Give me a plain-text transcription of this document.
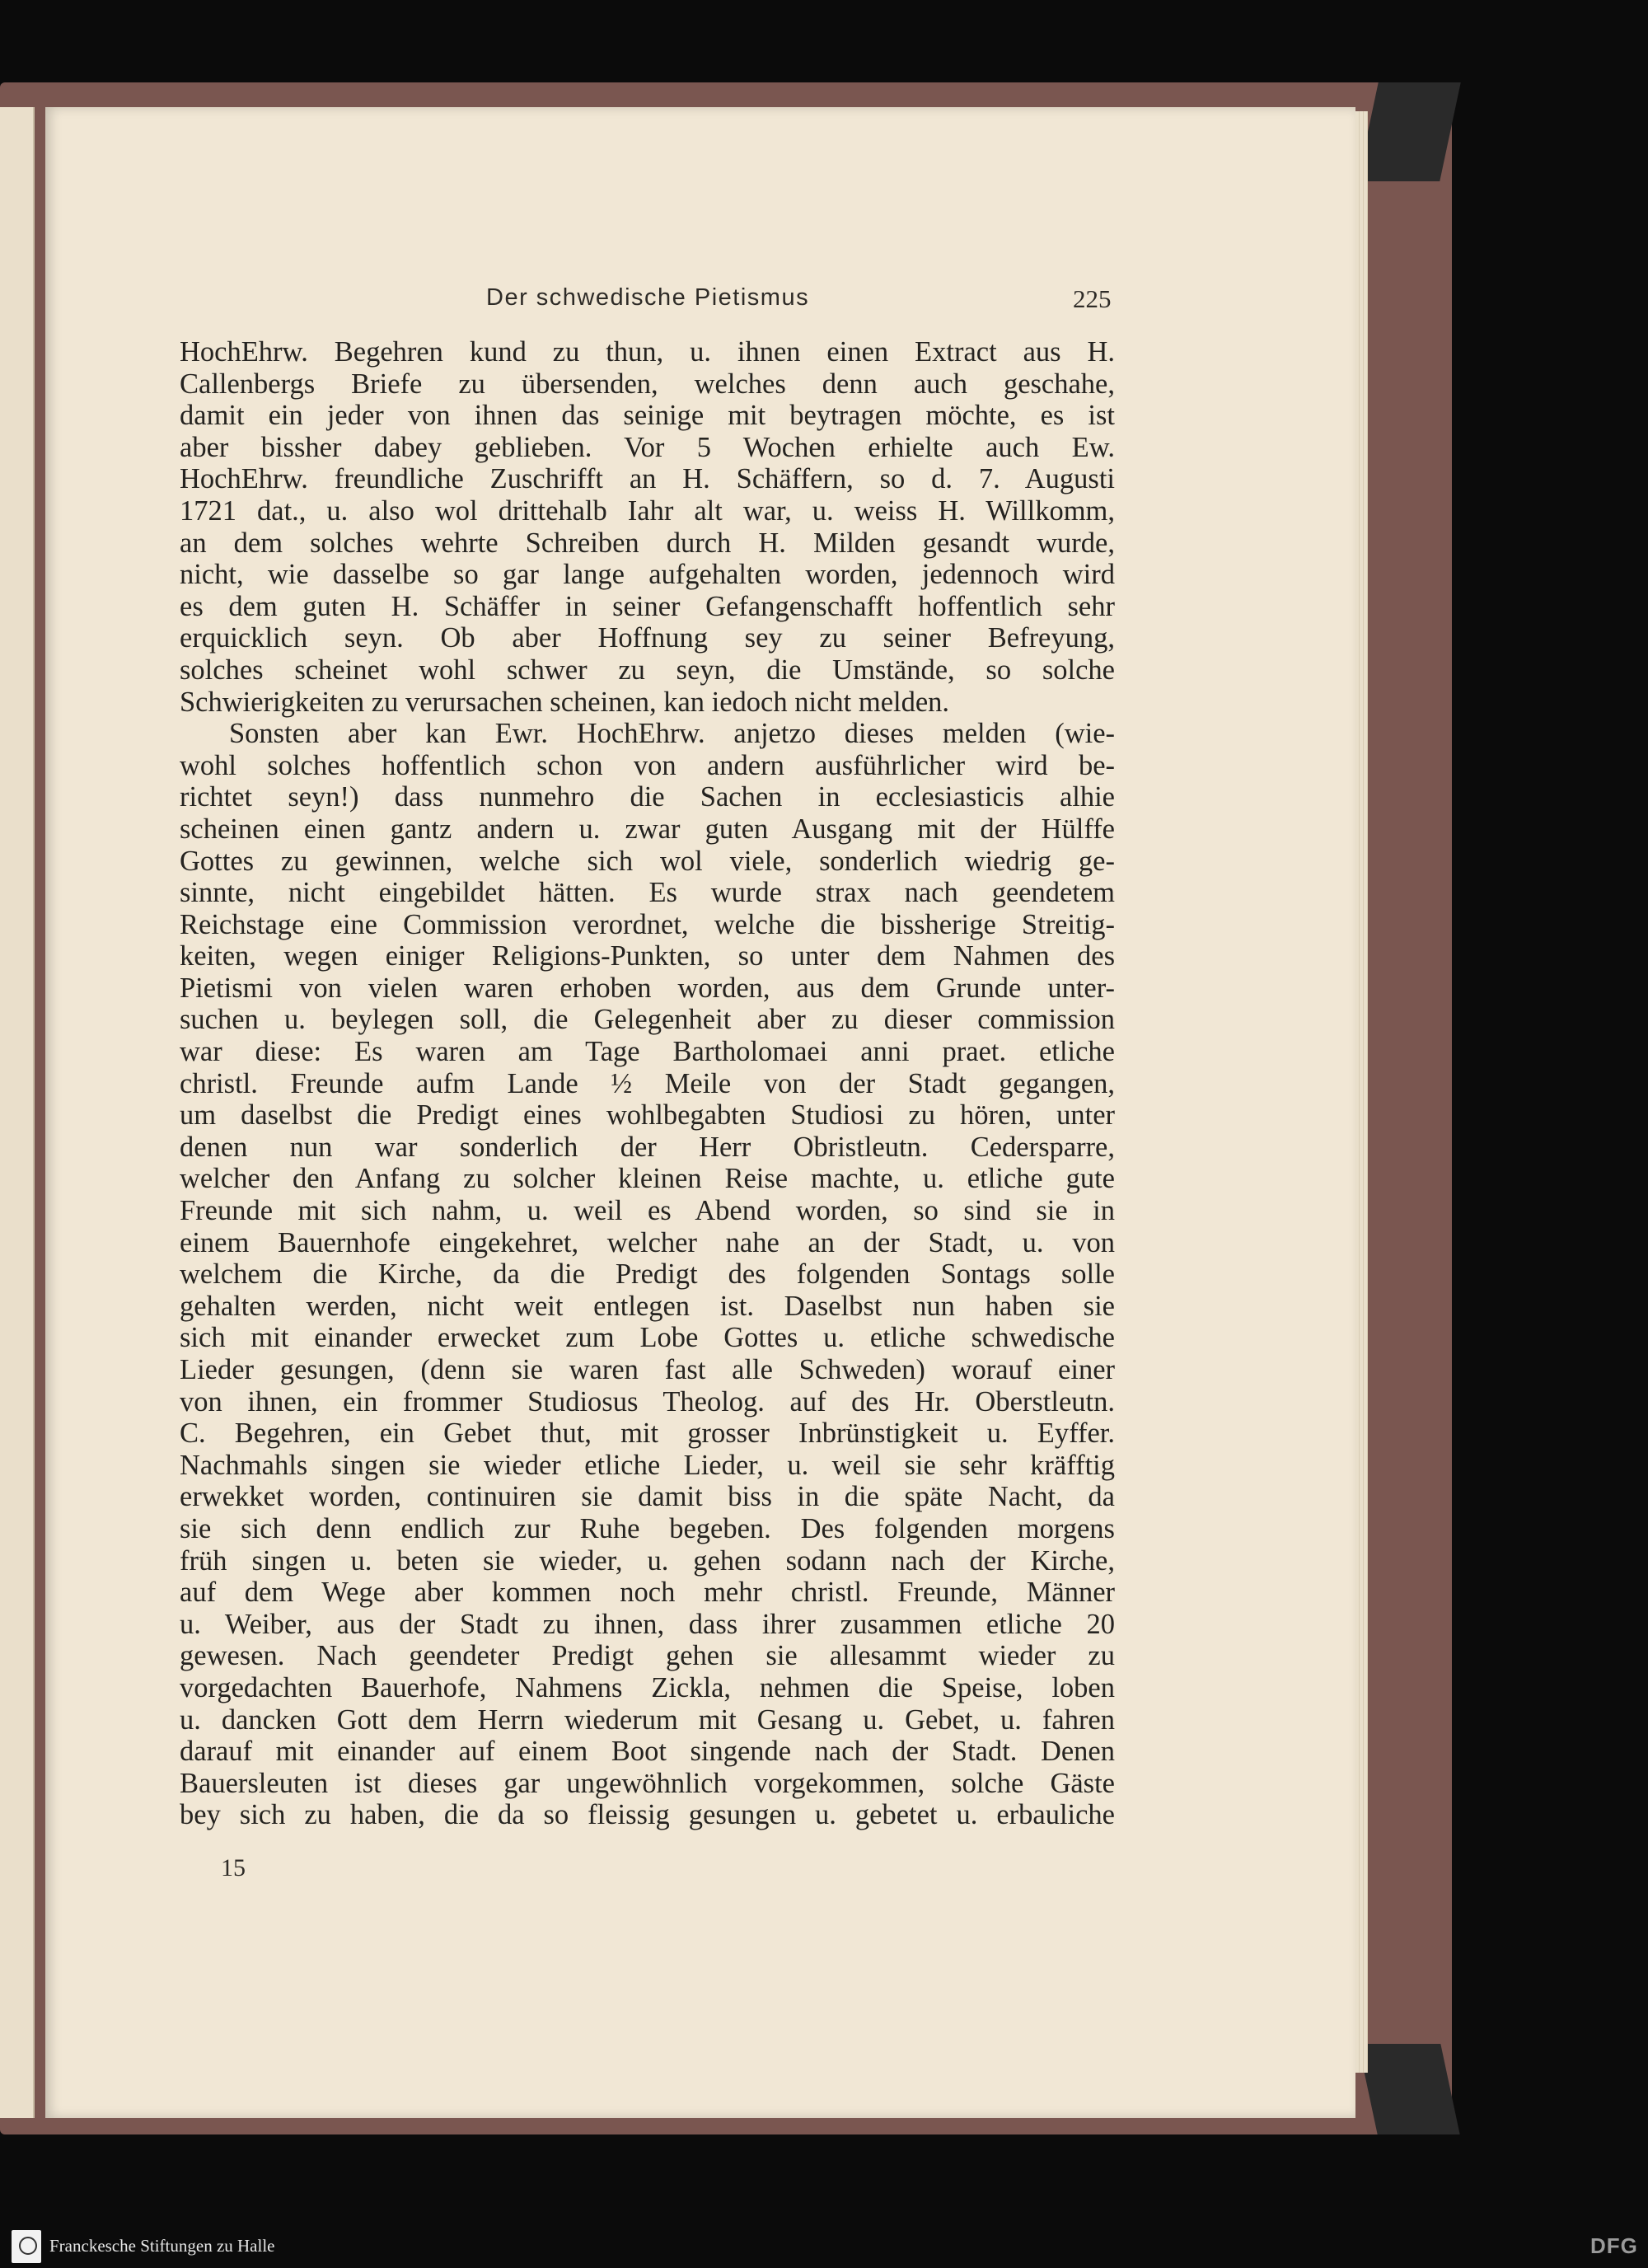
Der schwedische Pietismus	225
HochEhrw. Begehren kund zu thun, u. ihnen einen Extract aus H.
Callenbergs Briefe zu übersenden, welches denn auch geschahe,
damit ein jeder von ihnen das seinige mit beytragen möchte, es ist
aber bissher dabey geblieben. Vor 5 Wochen erhielte auch Ew.
HochEhrw. freundliche Zuschrifft an H. Schäffern, so d. 7. Augusti
1721 dat., u. also wol drittehalb Iahr alt war, u. weiss H. Willkomm,
an dem solches wehrte Schreiben durch H. Milden gesandt wurde,
nicht, wie dasselbe so gar lange aufgehalten worden, jedennoch wird
es dem guten H. Schäffer in seiner Gefangenschafft hoffentlich sehr
erquicklich seyn. Ob aber Hoffnung sey zu seiner Befreyung,
solches scheinet wohl schwer zu seyn, die Umstände, so solche
Schwierigkeiten zu verursachen scheinen, kan iedoch nicht melden.
Sonsten aber kan Ewr. HochEhrw. anjetzo dieses melden (wie-
wohl solches hoffentlich schon von andern ausführlicher wird be-
richtet seyn!) dass nunmehro die Sachen in ecclesiasticis alhie
scheinen einen gantz andern u. zwar guten Ausgang mit der Hülffe
Gottes zu gewinnen, welche sich wol viele, sonderlich wiedrig ge-
sinnte, nicht eingebildet hätten. Es wurde strax nach geendetem
Reichstage eine Commission verordnet, welche die bissherige Streitig-
keiten, wegen einiger Religions-Punkten, so unter dem Nahmen des
Pietismi von vielen waren erhoben worden, aus dem Grunde unter-
suchen u. beylegen soll, die Gelegenheit aber zu dieser commission
war diese: Es waren am Tage Bartholomaei anni praet. etliche
christl. Freunde aufm Lande ½ Meile von der Stadt gegangen,
um daselbst die Predigt eines wohlbegabten Studiosi zu hören, unter
denen nun war sonderlich der Herr Obristleutn. Cedersparre,
welcher den Anfang zu solcher kleinen Reise machte, u. etliche gute
Freunde mit sich nahm, u. weil es Abend worden, so sind sie in
einem Bauernhofe eingekehret, welcher nahe an der Stadt, u. von
welchem die Kirche, da die Predigt des folgenden Sontags solle
gehalten werden, nicht weit entlegen ist. Daselbst nun haben sie
sich mit einander erwecket zum Lobe Gottes u. etliche schwedische
Lieder gesungen, (denn sie waren fast alle Schweden) worauf einer
von ihnen, ein frommer Studiosus Theolog. auf des Hr. Oberstleutn.
C. Begehren, ein Gebet thut, mit grosser Inbrünstigkeit u. Eyffer.
Nachmahls singen sie wieder etliche Lieder, u. weil sie sehr kräfftig
erwekket worden, continuiren sie damit biss in die späte Nacht, da
sie sich denn endlich zur Ruhe begeben. Des folgenden morgens
früh singen u. beten sie wieder, u. gehen sodann nach der Kirche,
auf dem Wege aber kommen noch mehr christl. Freunde, Männer
u. Weiber, aus der Stadt zu ihnen, dass ihrer zusammen etliche 20
gewesen. Nach geendeter Predigt gehen sie allesammt wieder zu
vorgedachten Bauerhofe, Nahmens Zickla, nehmen die Speise, loben
u. dancken Gott dem Herrn wiederum mit Gesang u. Gebet, u. fahren
darauf mit einander auf einem Boot singende nach der Stadt. Denen
Bauersleuten ist dieses gar ungewöhnlich vorgekommen, solche Gäste
bey sich zu haben, die da so fleissig gesungen u. gebetet u. erbauliche
15
Franckesche Stiftungen zu Halle	DFG
